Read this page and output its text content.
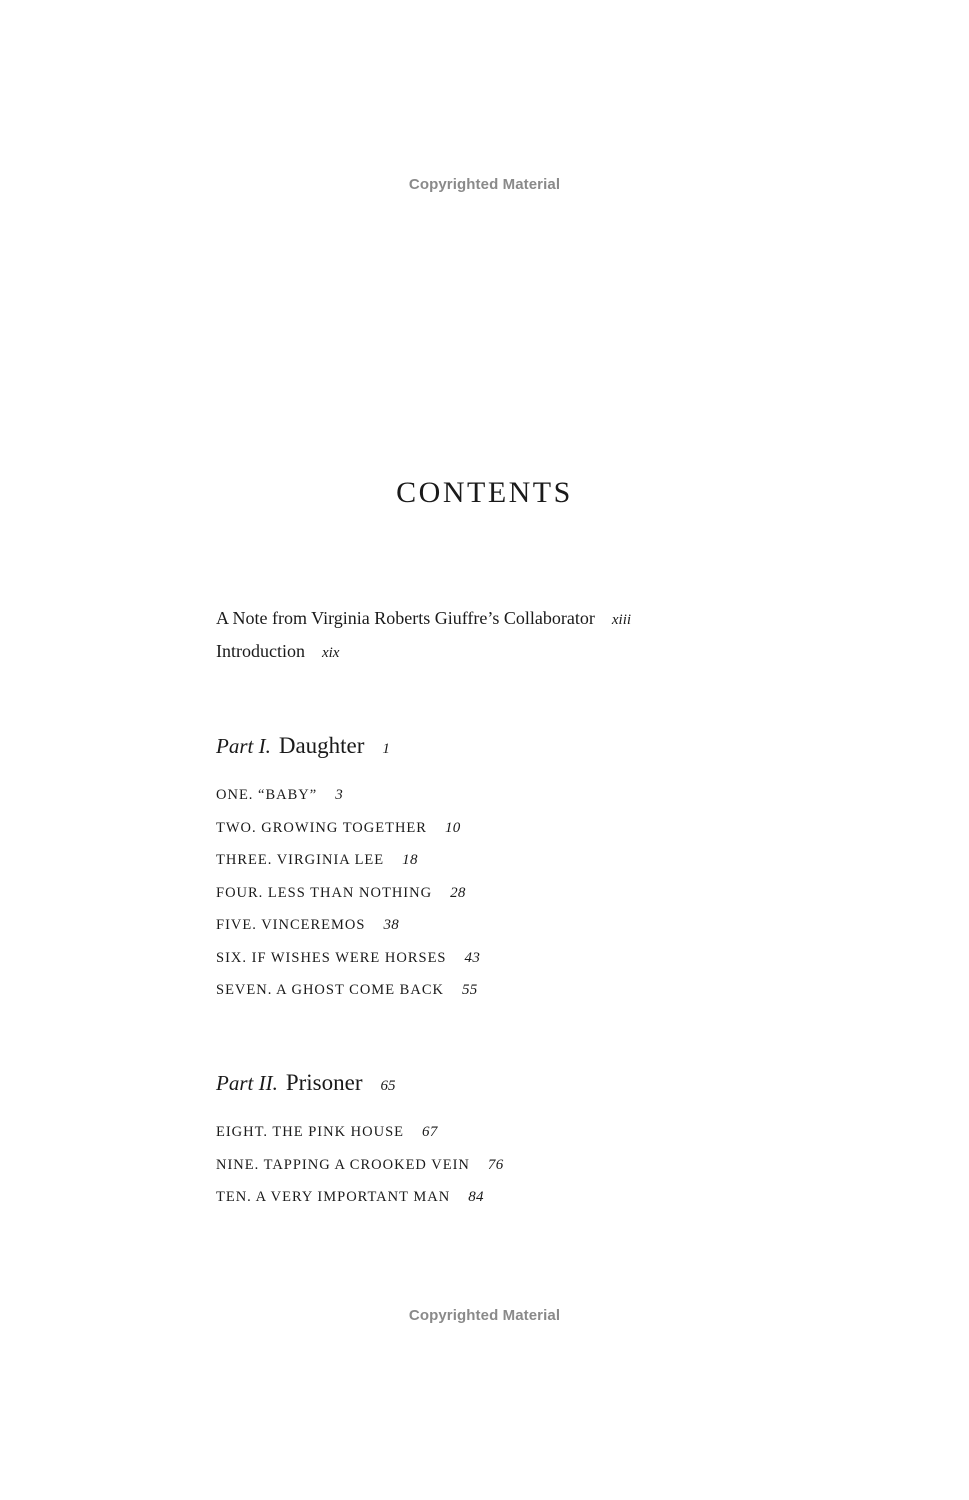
Copyrighted Material
CONTENTS
A Note from Virginia Roberts Giuffre’s Collaborator xiii
Introduction xix
Part I. Daughter 1
ONE. “BABY” 3
TWO. GROWING TOGETHER 10
THREE. VIRGINIA LEE 18
FOUR. LESS THAN NOTHING 28
FIVE. VINCEREMOS 38
SIX. IF WISHES WERE HORSES 43
SEVEN. A GHOST COME BACK 55
Part II. Prisoner 65
EIGHT. THE PINK HOUSE 67
NINE. TAPPING A CROOKED VEIN 76
TEN. A VERY IMPORTANT MAN 84
Copyrighted Material
